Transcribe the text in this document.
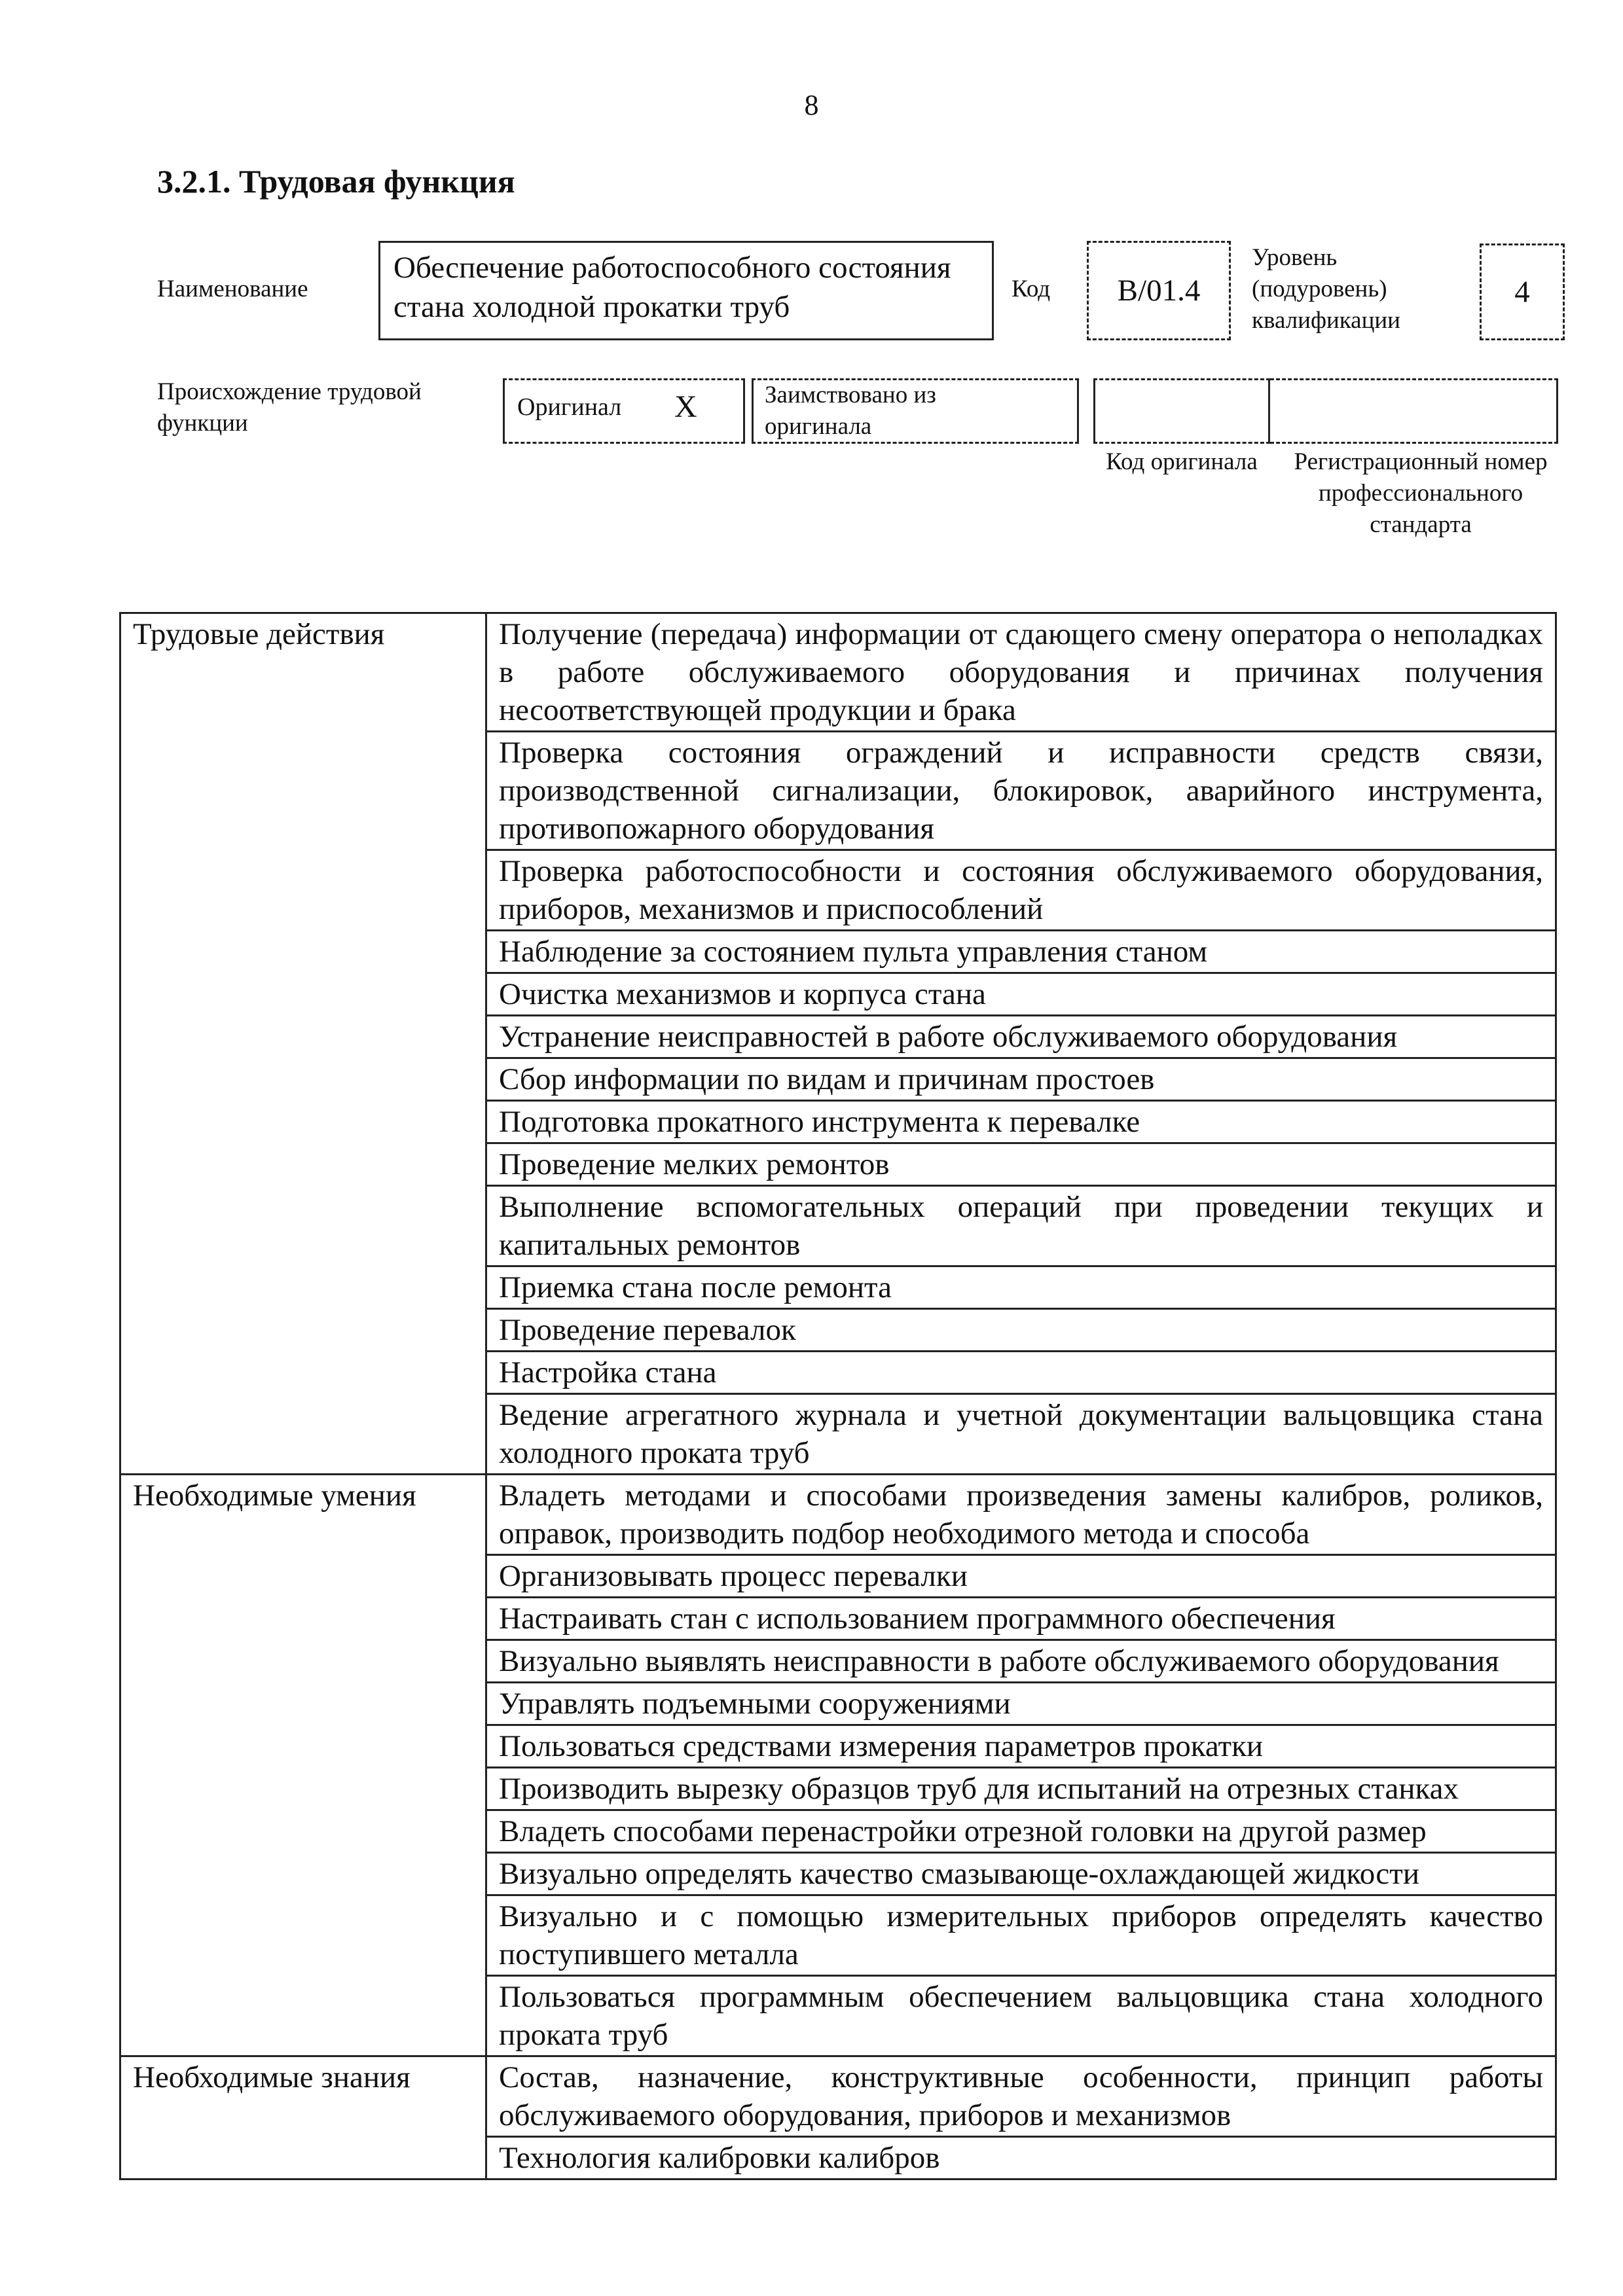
8
3.2.1. Трудовая функция
Наименование
Обеспечение работоспособного состояния стана холодной прокатки труб
Код	B/01.4
Уровень (подуровень) квалификации
4
Происхождение трудовой функции
Оригинал X	Заимствовано из оригинала
Код оригинала	Регистрационный номер профессионального стандарта
Трудовые действия	Получение (передача) информации от сдающего смену оператора о неполадках в работе обслуживаемого оборудования и причинах получения несоответствующей продукции и брака
	Проверка состояния ограждений и исправности средств связи, производственной сигнализации, блокировок, аварийного инструмента, противопожарного оборудования
	Проверка работоспособности и состояния обслуживаемого оборудования, приборов, механизмов и приспособлений
	Наблюдение за состоянием пульта управления станом
	Очистка механизмов и корпуса стана
	Устранение неисправностей в работе обслуживаемого оборудования
	Сбор информации по видам и причинам простоев
	Подготовка прокатного инструмента к перевалке
	Проведение мелких ремонтов
	Выполнение вспомогательных операций при проведении текущих и капитальных ремонтов
	Приемка стана после ремонта
	Проведение перевалок
	Настройка стана
	Ведение агрегатного журнала и учетной документации вальцовщика стана холодного проката труб
Необходимые умения	Владеть методами и способами произведения замены калибров, роликов, оправок, производить подбор необходимого метода и способа
	Организовывать процесс перевалки
	Настраивать стан с использованием программного обеспечения
	Визуально выявлять неисправности в работе обслуживаемого оборудования
	Управлять подъемными сооружениями
	Пользоваться средствами измерения параметров прокатки
	Производить вырезку образцов труб для испытаний на отрезных станках
	Владеть способами перенастройки отрезной головки на другой размер
	Визуально определять качество смазывающе-охлаждающей жидкости
	Визуально и с помощью измерительных приборов определять качество поступившего металла
	Пользоваться программным обеспечением вальцовщика стана холодного проката труб
Необходимые знания	Состав, назначение, конструктивные особенности, принцип работы обслуживаемого оборудования, приборов и механизмов
	Технология калибровки калибров
